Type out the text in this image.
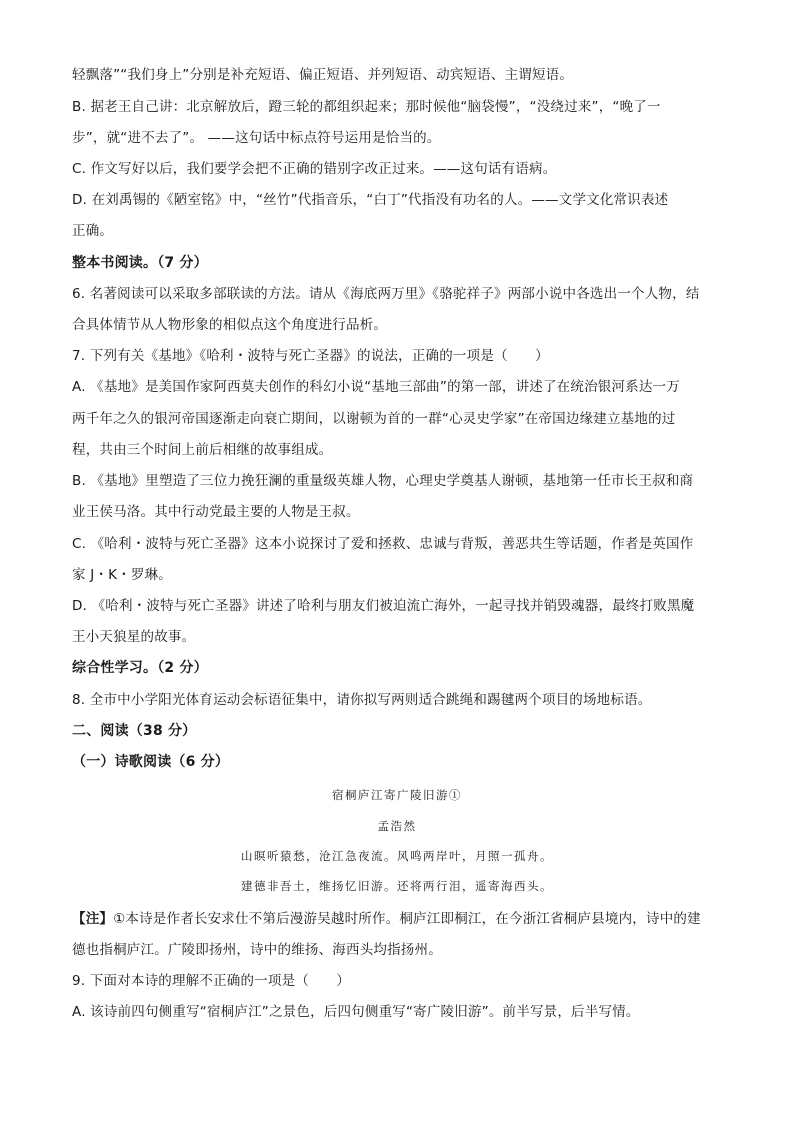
轻飘落”“我们身上”分别是补充短语、偏正短语、并列短语、动宾短语、主谓短语。
B. 据老王自己讲：北京解放后，蹬三轮的都组织起来；那时候他“脑袋慢”，“没绕过来”，“晚了一
步”，就“进不去了”。 ——这句话中标点符号运用是恰当的。
C. 作文写好以后，我们要学会把不正确的错别字改正过来。——这句话有语病。
D. 在刘禹锡的《陋室铭》中，“丝竹”代指音乐，“白丁”代指没有功名的人。——文学文化常识表述
正确。
整本书阅读。（7 分）
6. 名著阅读可以采取多部联读的方法。请从《海底两万里》《骆驼祥子》两部小说中各选出一个人物，结
合具体情节从人物形象的相似点这个角度进行品析。
7. 下列有关《基地》《哈利・波特与死亡圣器》的说法，正确的一项是（　　）
A. 《基地》是美国作家阿西莫夫创作的科幻小说“基地三部曲”的第一部，讲述了在统治银河系达一万
两千年之久的银河帝国逐渐走向衰亡期间，以谢顿为首的一群“心灵史学家”在帝国边缘建立基地的过
程，共由三个时间上前后相继的故事组成。
B. 《基地》里塑造了三位力挽狂澜的重量级英雄人物，心理史学奠基人谢顿，基地第一任市长王叔和商
业王侯马洛。其中行动党最主要的人物是王叔。
C. 《哈利・波特与死亡圣器》这本小说探讨了爱和拯救、忠诚与背叛，善恶共生等话题，作者是英国作
家 J・K・罗琳。
D. 《哈利・波特与死亡圣器》讲述了哈利与朋友们被迫流亡海外，一起寻找并销毁魂器，最终打败黑魔
王小天狼星的故事。
综合性学习。（2 分）
8. 全市中小学阳光体育运动会标语征集中，请你拟写两则适合跳绳和踢毽两个项目的场地标语。
二、阅读（38 分）
（一）诗歌阅读（6 分）
宿桐庐江寄广陵旧游①
孟浩然
山暝听猿愁，沧江急夜流。风鸣两岸叶，月照一孤舟。
建德非吾土，维扬忆旧游。还将两行泪，遥寄海西头。
【注】①本诗是作者长安求仕不第后漫游吴越时所作。桐庐江即桐江，在今浙江省桐庐县境内，诗中的建
德也指桐庐江。广陵即扬州，诗中的维扬、海西头均指扬州。
9. 下面对本诗的理解不正确的一项是（　　）
A. 该诗前四句侧重写“宿桐庐江”之景色，后四句侧重写“寄广陵旧游”。前半写景，后半写情。
